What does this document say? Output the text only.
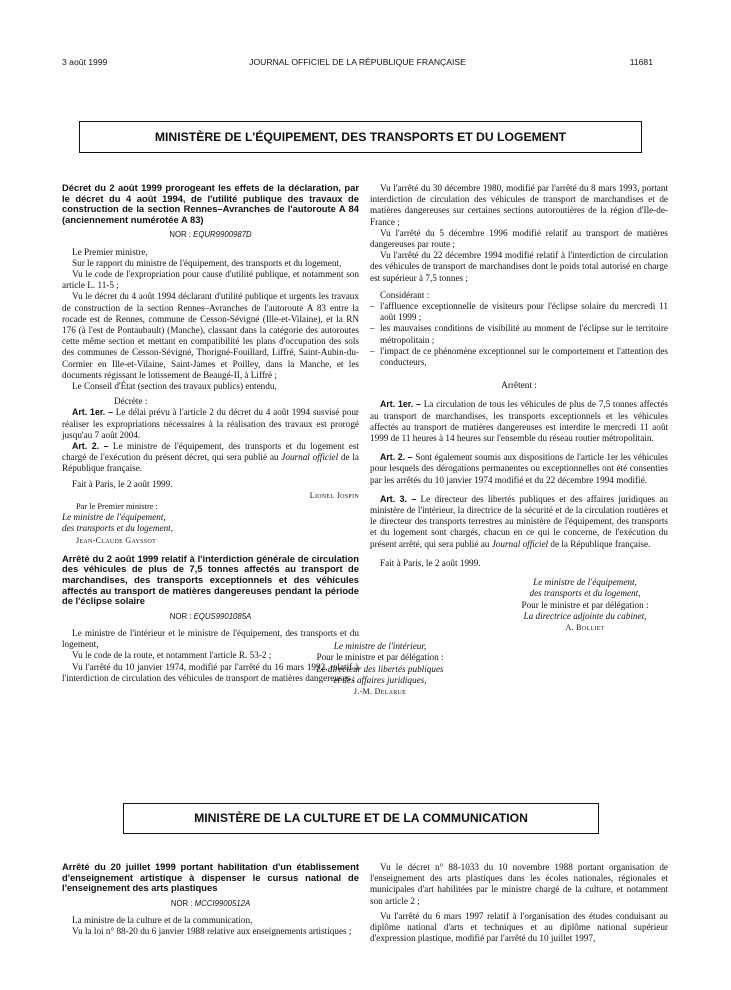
3 août 1999	JOURNAL OFFICIEL DE LA RÉPUBLIQUE FRANÇAISE	11681
MINISTÈRE DE L'ÉQUIPEMENT, DES TRANSPORTS ET DU LOGEMENT

Décret du 2 août 1999 prorogeant les effets de la déclaration, par le décret du 4 août 1994, de l'utilité publique des travaux de construction de la section Rennes–Avranches de l'autoroute A 84 (anciennement numérotée A 83)

NOR : EQUR9900987D

Le Premier ministre,

Sur le rapport du ministre de l'équipement, des transports et du logement,

Vu le code de l'expropriation pour cause d'utilité publique, et notamment son article L. 11-5 ;

Vu le décret du 4 août 1994 déclarant d'utilité publique et urgents les travaux de construction de la section Rennes–Avranches de l'autoroute A 83 entre la rocade est de Rennes, commune de Cesson-Sévigné (Ille-et-Vilaine), et la RN 176 (à l'est de Pontaubault) (Manche), classant dans la catégorie des autoroutes cette même section et mettant en compatibilité les plans d'occupation des sols des communes de Cesson-Sévigné, Thorigné-Fouillard, Liffré, Saint-Aubin-du-Cormier en Ille-et-Vilaine, Saint-James et Poilley, dans la Manche, et les documents régissant le lotissement de Beaugé-II, à Liffré ;

Le Conseil d'État (section des travaux publics) entendu,

Décrète :

Art. 1er. – Le délai prévu à l'article 2 du décret du 4 août 1994 susvisé pour réaliser les expropriations nécessaires à la réalisation des travaux est prorogé jusqu'au 7 août 2004.

Art. 2. – Le ministre de l'équipement, des transports et du logement est chargé de l'exécution du présent décret, qui sera publié au Journal officiel de la République française.

Fait à Paris, le 2 août 1999.

Lionel Jospin

Par le Premier ministre :

Le ministre de l'équipement,

des transports et du logement,

Jean-Claude Gayssot

Arrêté du 2 août 1999 relatif à l'interdiction générale de circulation des véhicules de plus de 7,5 tonnes affectés au transport de marchandises, des transports exceptionnels et des véhicules affectés au transport de matières dangereuses pendant la période de l'éclipse solaire

NOR : EQUS9901085A

Le ministre de l'intérieur et le ministre de l'équipement, des transports et du logement,

Vu le code de la route, et notamment l'article R. 53-2 ;

Vu l'arrêté du 10 janvier 1974, modifié par l'arrêté du 16 mars 1992, relatif à l'interdiction de circulation des véhicules de transport de matières dangereuses ;

Vu l'arrêté du 30 décembre 1980, modifié par l'arrêté du 8 mars 1993, portant interdiction de circulation des véhicules de transport de marchandises et de matières dangereuses sur certaines sections autoroutières de la région d'Ile-de-France ;

Vu l'arrêté du 5 décembre 1996 modifié relatif au transport de matières dangereuses par route ;

Vu l'arrêté du 22 décembre 1994 modifié relatif à l'interdiction de circulation des véhicules de transport de marchandises dont le poids total autorisé en charge est supérieur à 7,5 tonnes ;

Considérant :

– l'affluence exceptionnelle de visiteurs pour l'éclipse solaire du mercredi 11 août 1999 ;

– les mauvaises conditions de visibilité au moment de l'éclipse sur le territoire métropolitain ;

– l'impact de ce phénomène exceptionnel sur le comportement et l'attention des conducteurs,

Arrêtent :

Art. 1er. – La circulation de tous les véhicules de plus de 7,5 tonnes affectés au transport de marchandises, les transports exceptionnels et les véhicules affectés au transport de matières dangereuses est interdite le mercredi 11 août 1999 de 11 heures à 14 heures sur l'ensemble du réseau routier métropolitain.

Art. 2. – Sont également soumis aux dispositions de l'article 1er les véhicules pour lesquels des dérogations permanentes ou exceptionnelles ont été consenties par les arrêtés du 10 janvier 1974 modifié et du 22 décembre 1994 modifié.

Art. 3. – Le directeur des libertés publiques et des affaires juridiques au ministère de l'intérieur, la directrice de la sécurité et de la circulation routières et le directeur des transports terrestres au ministère de l'équipement, des transports et du logement sont chargés, chacun en ce qui le concerne, de l'exécution du présent arrêté, qui sera publié au Journal officiel de la République française.

Fait à Paris, le 2 août 1999.

Le ministre de l'équipement,

des transports et du logement,

Pour le ministre et par délégation :

La directrice adjointe du cabinet,

A. Bolliet

Le ministre de l'intérieur,

Pour le ministre et par délégation :

Le directeur des libertés publiques

et des affaires juridiques,

J.-M. Delarue

MINISTÈRE DE LA CULTURE ET DE LA COMMUNICATION

Arrêté du 20 juillet 1999 portant habilitation d'un établissement d'enseignement artistique à dispenser le cursus national de l'enseignement des arts plastiques

NOR : MCCI9900512A

La ministre de la culture et de la communication,

Vu la loi n° 88-20 du 6 janvier 1988 relative aux enseignements artistiques ;

Vu le décret n° 88-1033 du 10 novembre 1988 portant organisation de l'enseignement des arts plastiques dans les écoles nationales, régionales et municipales d'art habilitées par le ministre chargé de la culture, et notamment son article 2 ;

Vu l'arrêté du 6 mars 1997 relatif à l'organisation des études conduisant au diplôme national d'arts et techniques et au diplôme national supérieur d'expression plastique, modifié par l'arrêté du 10 juillet 1997,
